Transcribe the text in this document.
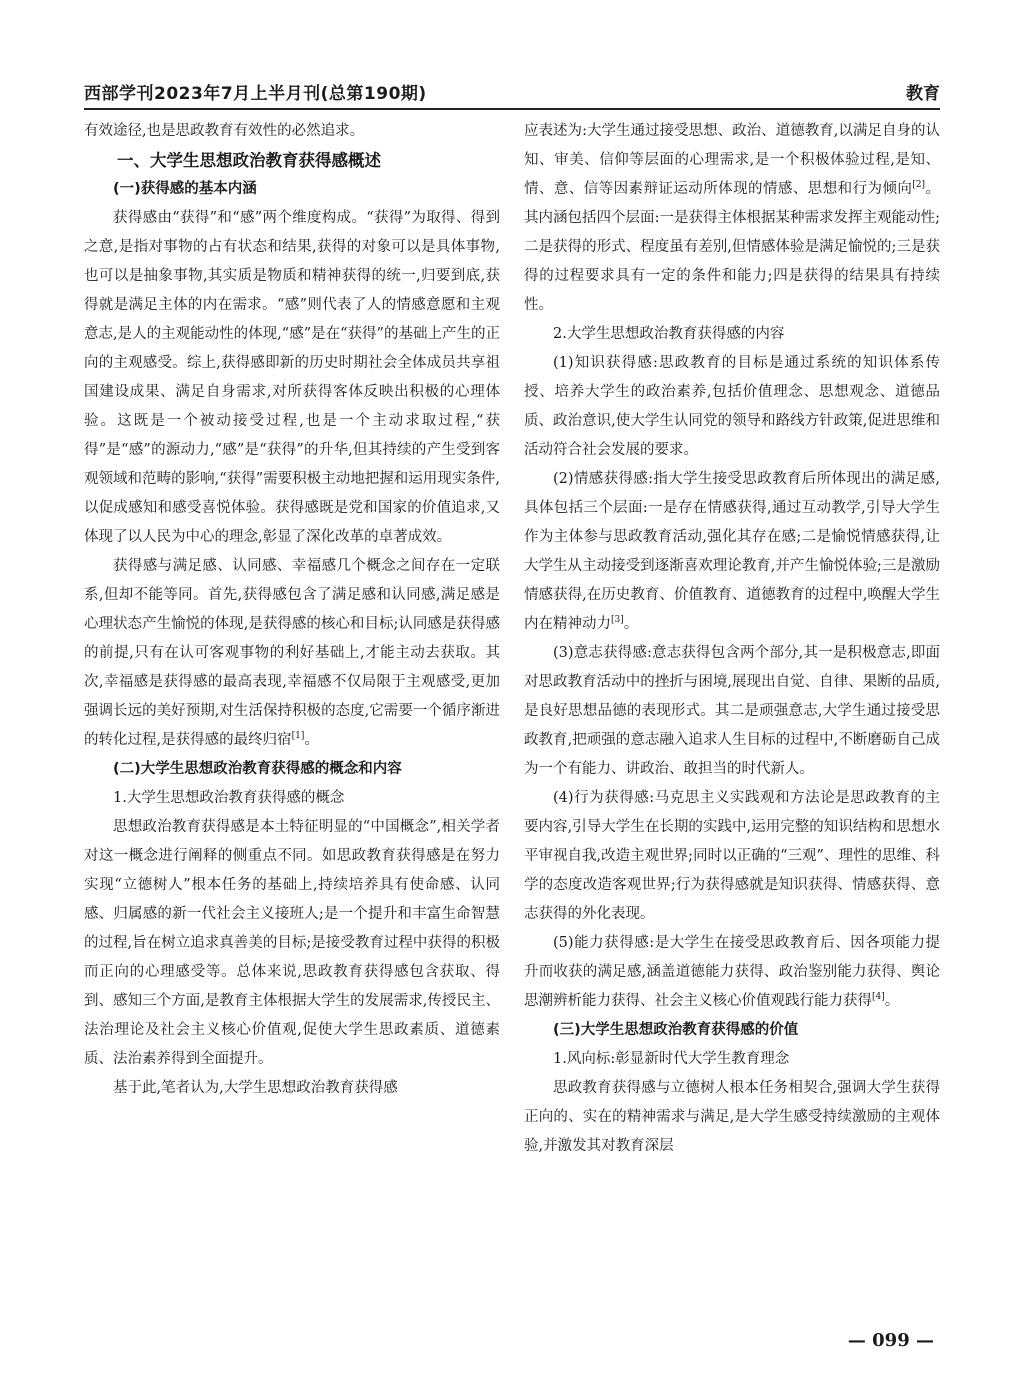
西部学刊2023年7月上半月刊(总第190期)	教育

有效途径,也是思政教育有效性的必然追求。

一、大学生思想政治教育获得感概述

(一)获得感的基本内涵

获得感由“获得”和“感”两个维度构成。“获得”为取得、得到之意,是指对事物的占有状态和结果,获得的对象可以是具体事物,也可以是抽象事物,其实质是物质和精神获得的统一,归要到底,获得就是满足主体的内在需求。“感”则代表了人的情感意愿和主观意志,是人的主观能动性的体现,“感”是在“获得”的基础上产生的正向的主观感受。综上,获得感即新的历史时期社会全体成员共享祖国建设成果、满足自身需求,对所获得客体反映出积极的心理体验。这既是一个被动接受过程,也是一个主动求取过程,“获得”是“感”的源动力,“感”是“获得”的升华,但其持续的产生受到客观领域和范畴的影响,“获得”需要积极主动地把握和运用现实条件,以促成感知和感受喜悦体验。获得感既是党和国家的价值追求,又体现了以人民为中心的理念,彰显了深化改革的卓著成效。

获得感与满足感、认同感、幸福感几个概念之间存在一定联系,但却不能等同。首先,获得感包含了满足感和认同感,满足感是心理状态产生愉悦的体现,是获得感的核心和目标;认同感是获得感的前提,只有在认可客观事物的利好基础上,才能主动去获取。其次,幸福感是获得感的最高表现,幸福感不仅局限于主观感受,更加强调长远的美好预期,对生活保持积极的态度,它需要一个循序渐进的转化过程,是获得感的最终归宿[1]。

(二)大学生思想政治教育获得感的概念和内容

1.大学生思想政治教育获得感的概念

思想政治教育获得感是本土特征明显的“中国概念”,相关学者对这一概念进行阐释的侧重点不同。如思政教育获得感是在努力实现“立德树人”根本任务的基础上,持续培养具有使命感、认同感、归属感的新一代社会主义接班人;是一个提升和丰富生命智慧的过程,旨在树立追求真善美的目标;是接受教育过程中获得的积极而正向的心理感受等。总体来说,思政教育获得感包含获取、得到、感知三个方面,是教育主体根据大学生的发展需求,传授民主、法治理论及社会主义核心价值观,促使大学生思政素质、道德素质、法治素养得到全面提升。

基于此,笔者认为,大学生思想政治教育获得感

应表述为:大学生通过接受思想、政治、道德教育,以满足自身的认知、审美、信仰等层面的心理需求,是一个积极体验过程,是知、情、意、信等因素辩证运动所体现的情感、思想和行为倾向[2]。其内涵包括四个层面:一是获得主体根据某种需求发挥主观能动性;二是获得的形式、程度虽有差别,但情感体验是满足愉悦的;三是获得的过程要求具有一定的条件和能力;四是获得的结果具有持续性。

2.大学生思想政治教育获得感的内容

(1)知识获得感:思政教育的目标是通过系统的知识体系传授、培养大学生的政治素养,包括价值理念、思想观念、道德品质、政治意识,使大学生认同党的领导和路线方针政策,促进思维和活动符合社会发展的要求。

(2)情感获得感:指大学生接受思政教育后所体现出的满足感,具体包括三个层面:一是存在情感获得,通过互动教学,引导大学生作为主体参与思政教育活动,强化其存在感;二是愉悦情感获得,让大学生从主动接受到逐渐喜欢理论教育,并产生愉悦体验;三是激励情感获得,在历史教育、价值教育、道德教育的过程中,唤醒大学生内在精神动力[3]。

(3)意志获得感:意志获得包含两个部分,其一是积极意志,即面对思政教育活动中的挫折与困境,展现出自觉、自律、果断的品质,是良好思想品德的表现形式。其二是顽强意志,大学生通过接受思政教育,把顽强的意志融入追求人生目标的过程中,不断磨砺自己成为一个有能力、讲政治、敢担当的时代新人。

(4)行为获得感:马克思主义实践观和方法论是思政教育的主要内容,引导大学生在长期的实践中,运用完整的知识结构和思想水平审视自我,改造主观世界;同时以正确的“三观”、理性的思维、科学的态度改造客观世界;行为获得感就是知识获得、情感获得、意志获得的外化表现。

(5)能力获得感:是大学生在接受思政教育后、因各项能力提升而收获的满足感,涵盖道德能力获得、政治鉴别能力获得、舆论思潮辨析能力获得、社会主义核心价值观践行能力获得[4]。

(三)大学生思想政治教育获得感的价值

1.风向标:彰显新时代大学生教育理念

思政教育获得感与立德树人根本任务相契合,强调大学生获得正向的、实在的精神需求与满足,是大学生感受持续激励的主观体验,并激发其对教育深层

— 099 —
